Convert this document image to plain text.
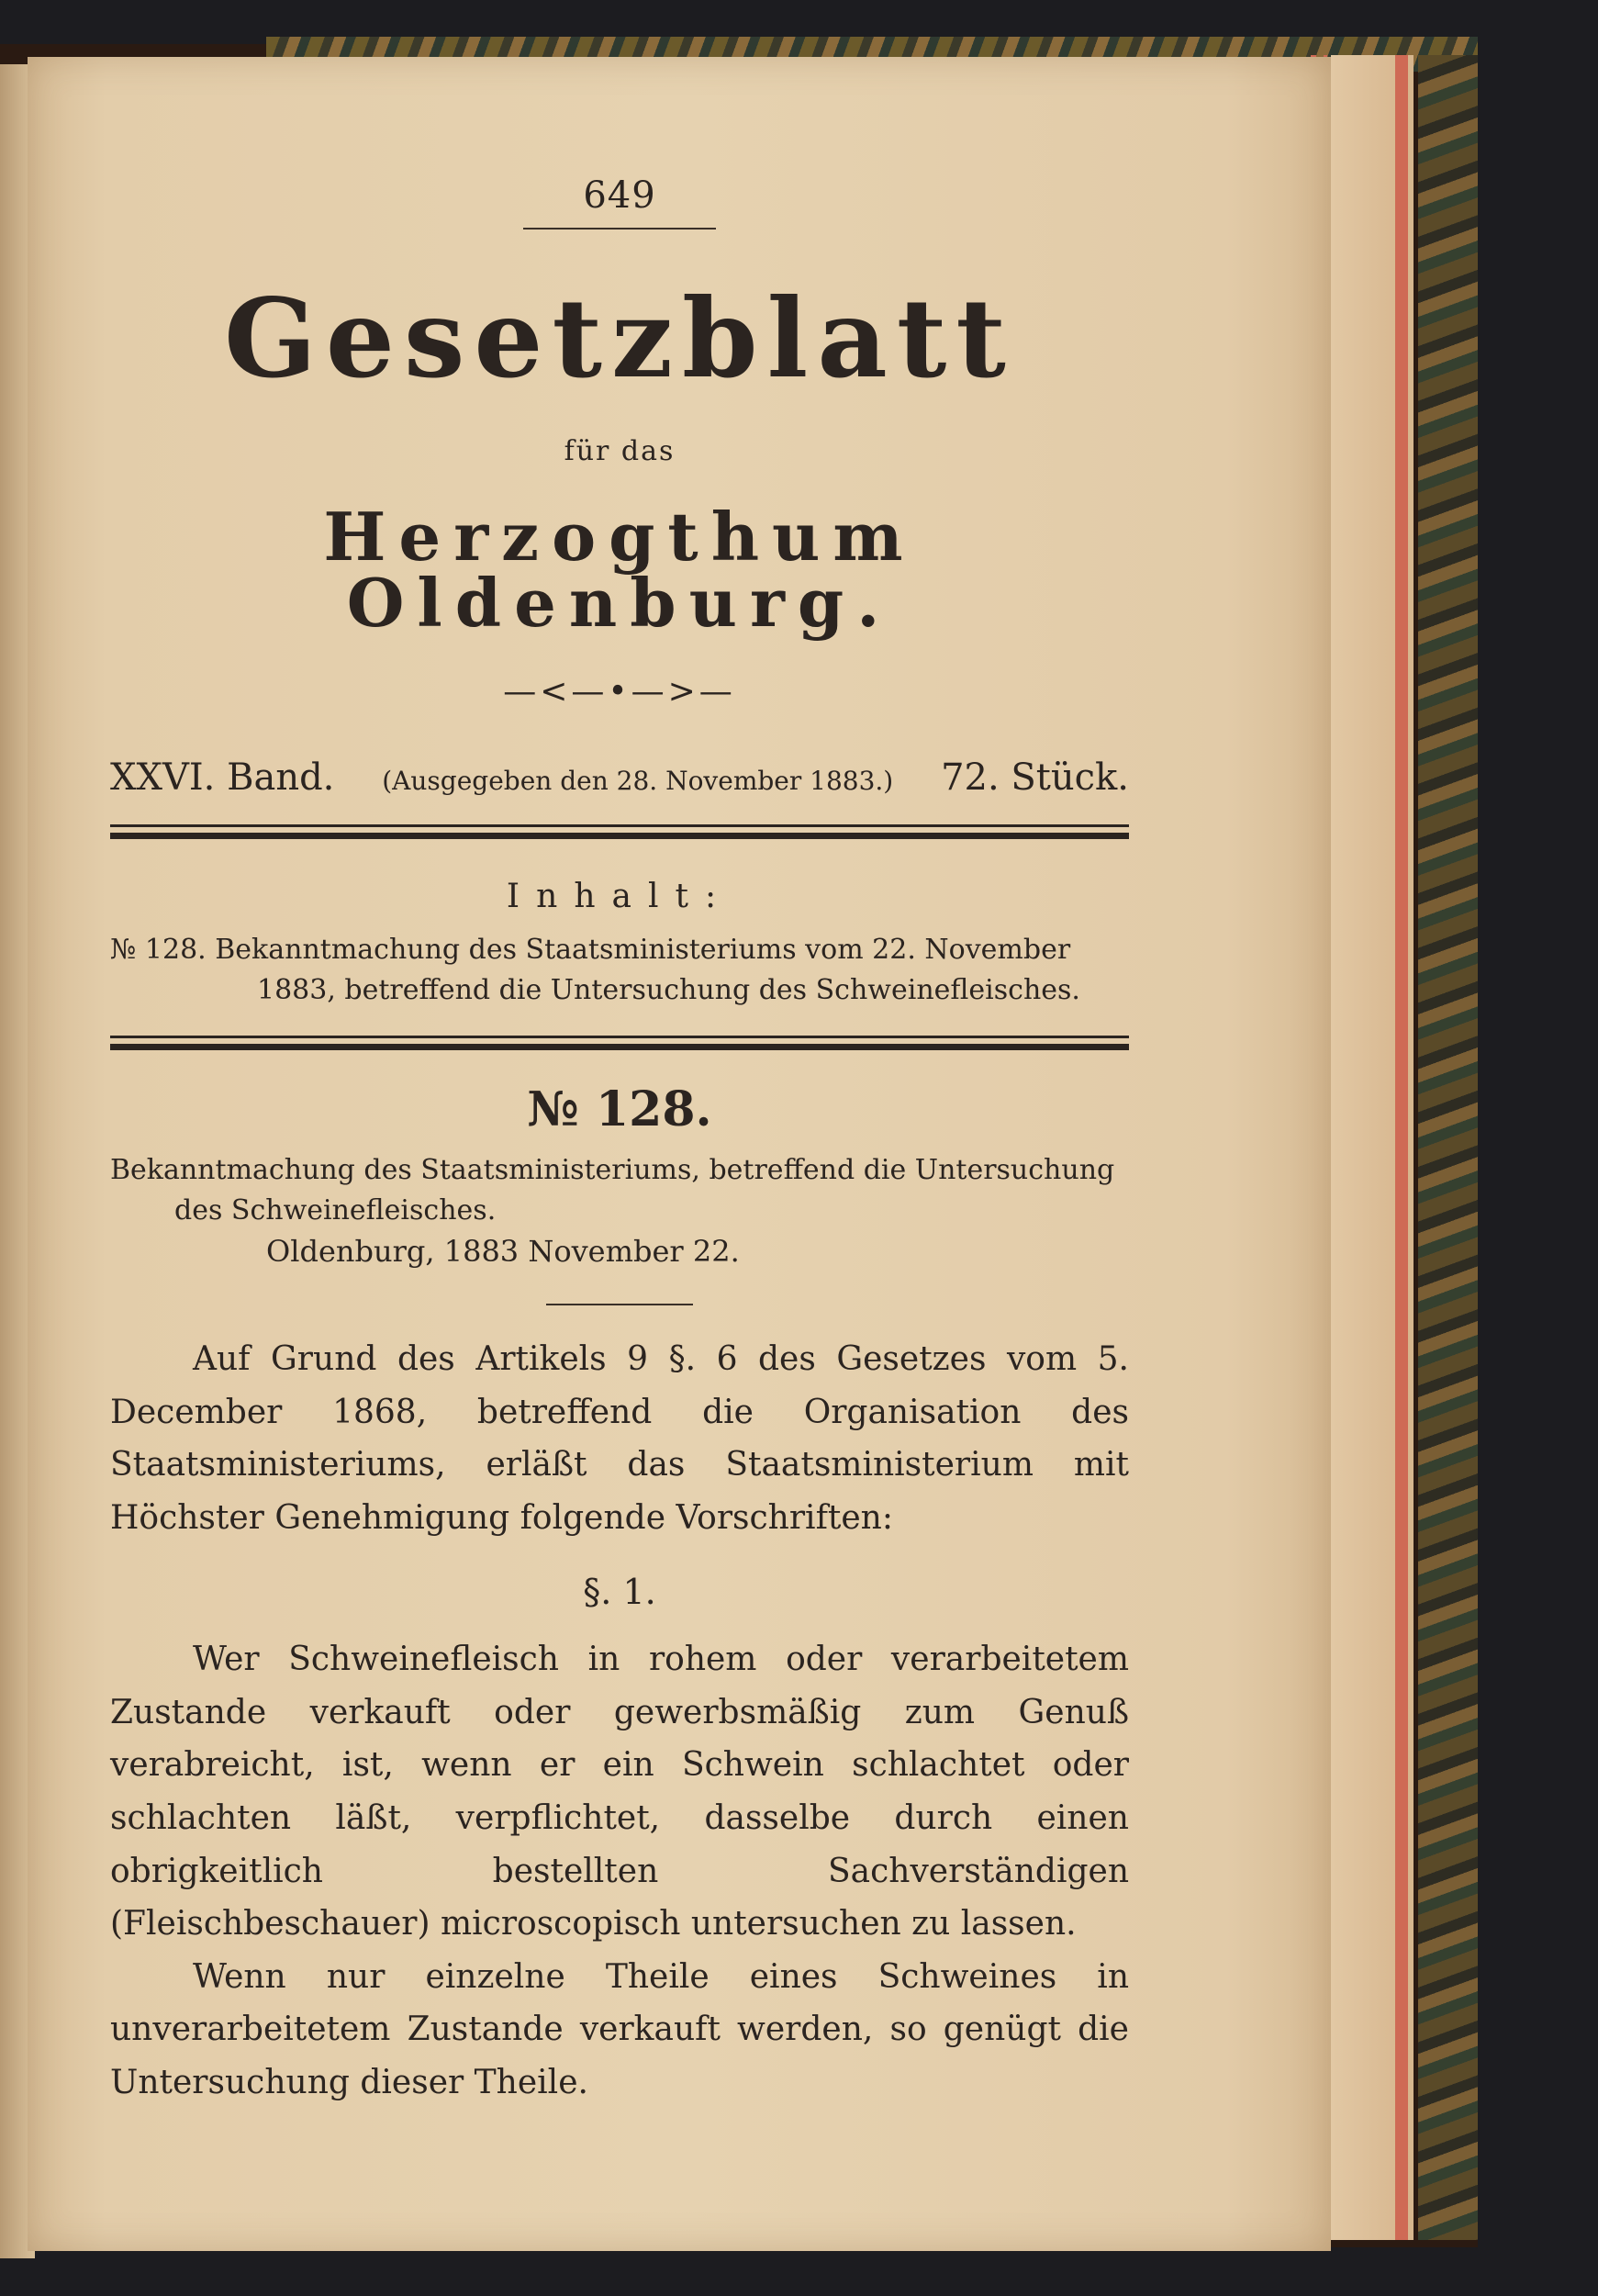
649
Gesetzblatt
für das
Herzogthum Oldenburg.
—<—•—>—
XXVI. Band. (Ausgegeben den 28. November 1883.) 72. Stück.
Inhalt:
№ 128. Bekanntmachung des Staatsministeriums vom 22. November
1883, betreffend die Untersuchung des Schweinefleisches.
№ 128.
Bekanntmachung des Staatsministeriums, betreffend die Untersuchung
des Schweinefleisches.
Oldenburg, 1883 November 22.

Auf Grund des Artikels 9 §. 6 des Gesetzes vom 5. December 1868, betreffend die Organisation des Staatsministeriums, erläßt das Staatsministerium mit Höchster Genehmigung folgende Vorschriften:

§. 1.

Wer Schweinefleisch in rohem oder verarbeitetem Zustande verkauft oder gewerbsmäßig zum Genuß verabreicht, ist, wenn er ein Schwein schlachtet oder schlachten läßt, verpflichtet, dasselbe durch einen obrigkeitlich bestellten Sachverständigen (Fleischbeschauer) microscopisch untersuchen zu lassen.

Wenn nur einzelne Theile eines Schweines in unverarbeitetem Zustande verkauft werden, so genügt die Untersuchung dieser Theile.
